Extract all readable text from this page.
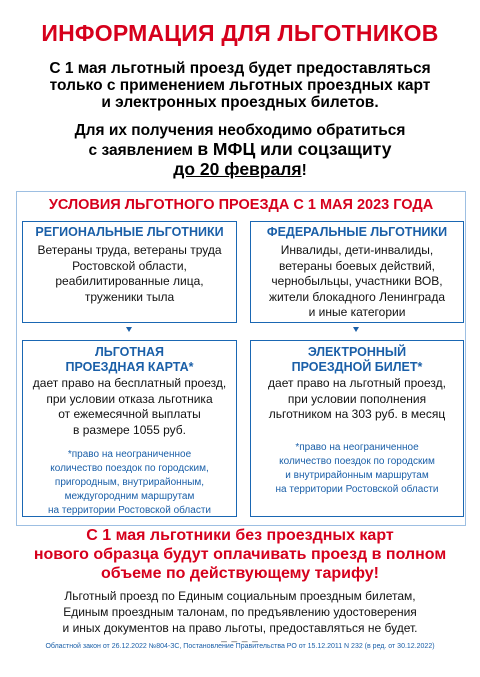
ИНФОРМАЦИЯ ДЛЯ ЛЬГОТНИКОВ
С 1 мая льготный проезд будет предоставляться
только с применением льготных проездных карт
и электронных проездных билетов.
Для их получения необходимо обратиться
с заявлением в МФЦ или соцзащиту
до 20 февраля!
УСЛОВИЯ ЛЬГОТНОГО ПРОЕЗДА С 1 МАЯ 2023 ГОДА
РЕГИОНАЛЬНЫЕ ЛЬГОТНИКИ
Ветераны труда, ветераны труда
Ростовской области,
реабилитированные лица,
труженики тыла
ФЕДЕРАЛЬНЫЕ ЛЬГОТНИКИ
Инвалиды, дети-инвалиды,
ветераны боевых действий,
чернобыльцы, участники ВОВ,
жители блокадного Ленинграда
и иные категории
ЛЬГОТНАЯ
ПРОЕЗДНАЯ КАРТА*
дает право на бесплатный проезд,
при условии отказа льготника
от ежемесячной выплаты
в размере 1055 руб.
*право на неограниченное
количество поездок по городским,
пригородным, внутрирайонным,
междугородним маршрутам
на территории Ростовской области
ЭЛЕКТРОННЫЙ
ПРОЕЗДНОЙ БИЛЕТ*
дает право на льготный проезд,
при условии пополнения
льготником на 303 руб. в месяц
*право на неограниченное
количество поездок по городским
и внутрирайонным маршрутам
на территории Ростовской области
С 1 мая льготники без проездных карт
нового образца будут оплачивать проезд в полном
объеме по действующему тарифу!
Льготный проезд по Единым социальным проездным билетам,
Единым проездным талонам, по предъявлению удостоверения
и иных документов на право льготы, предоставляться не будет.
_ _ _ _
Областной закон от 26.12.2022 №804-ЗС, Постановление Правительства РО от 15.12.2011 N 232 (в ред. от 30.12.2022)
